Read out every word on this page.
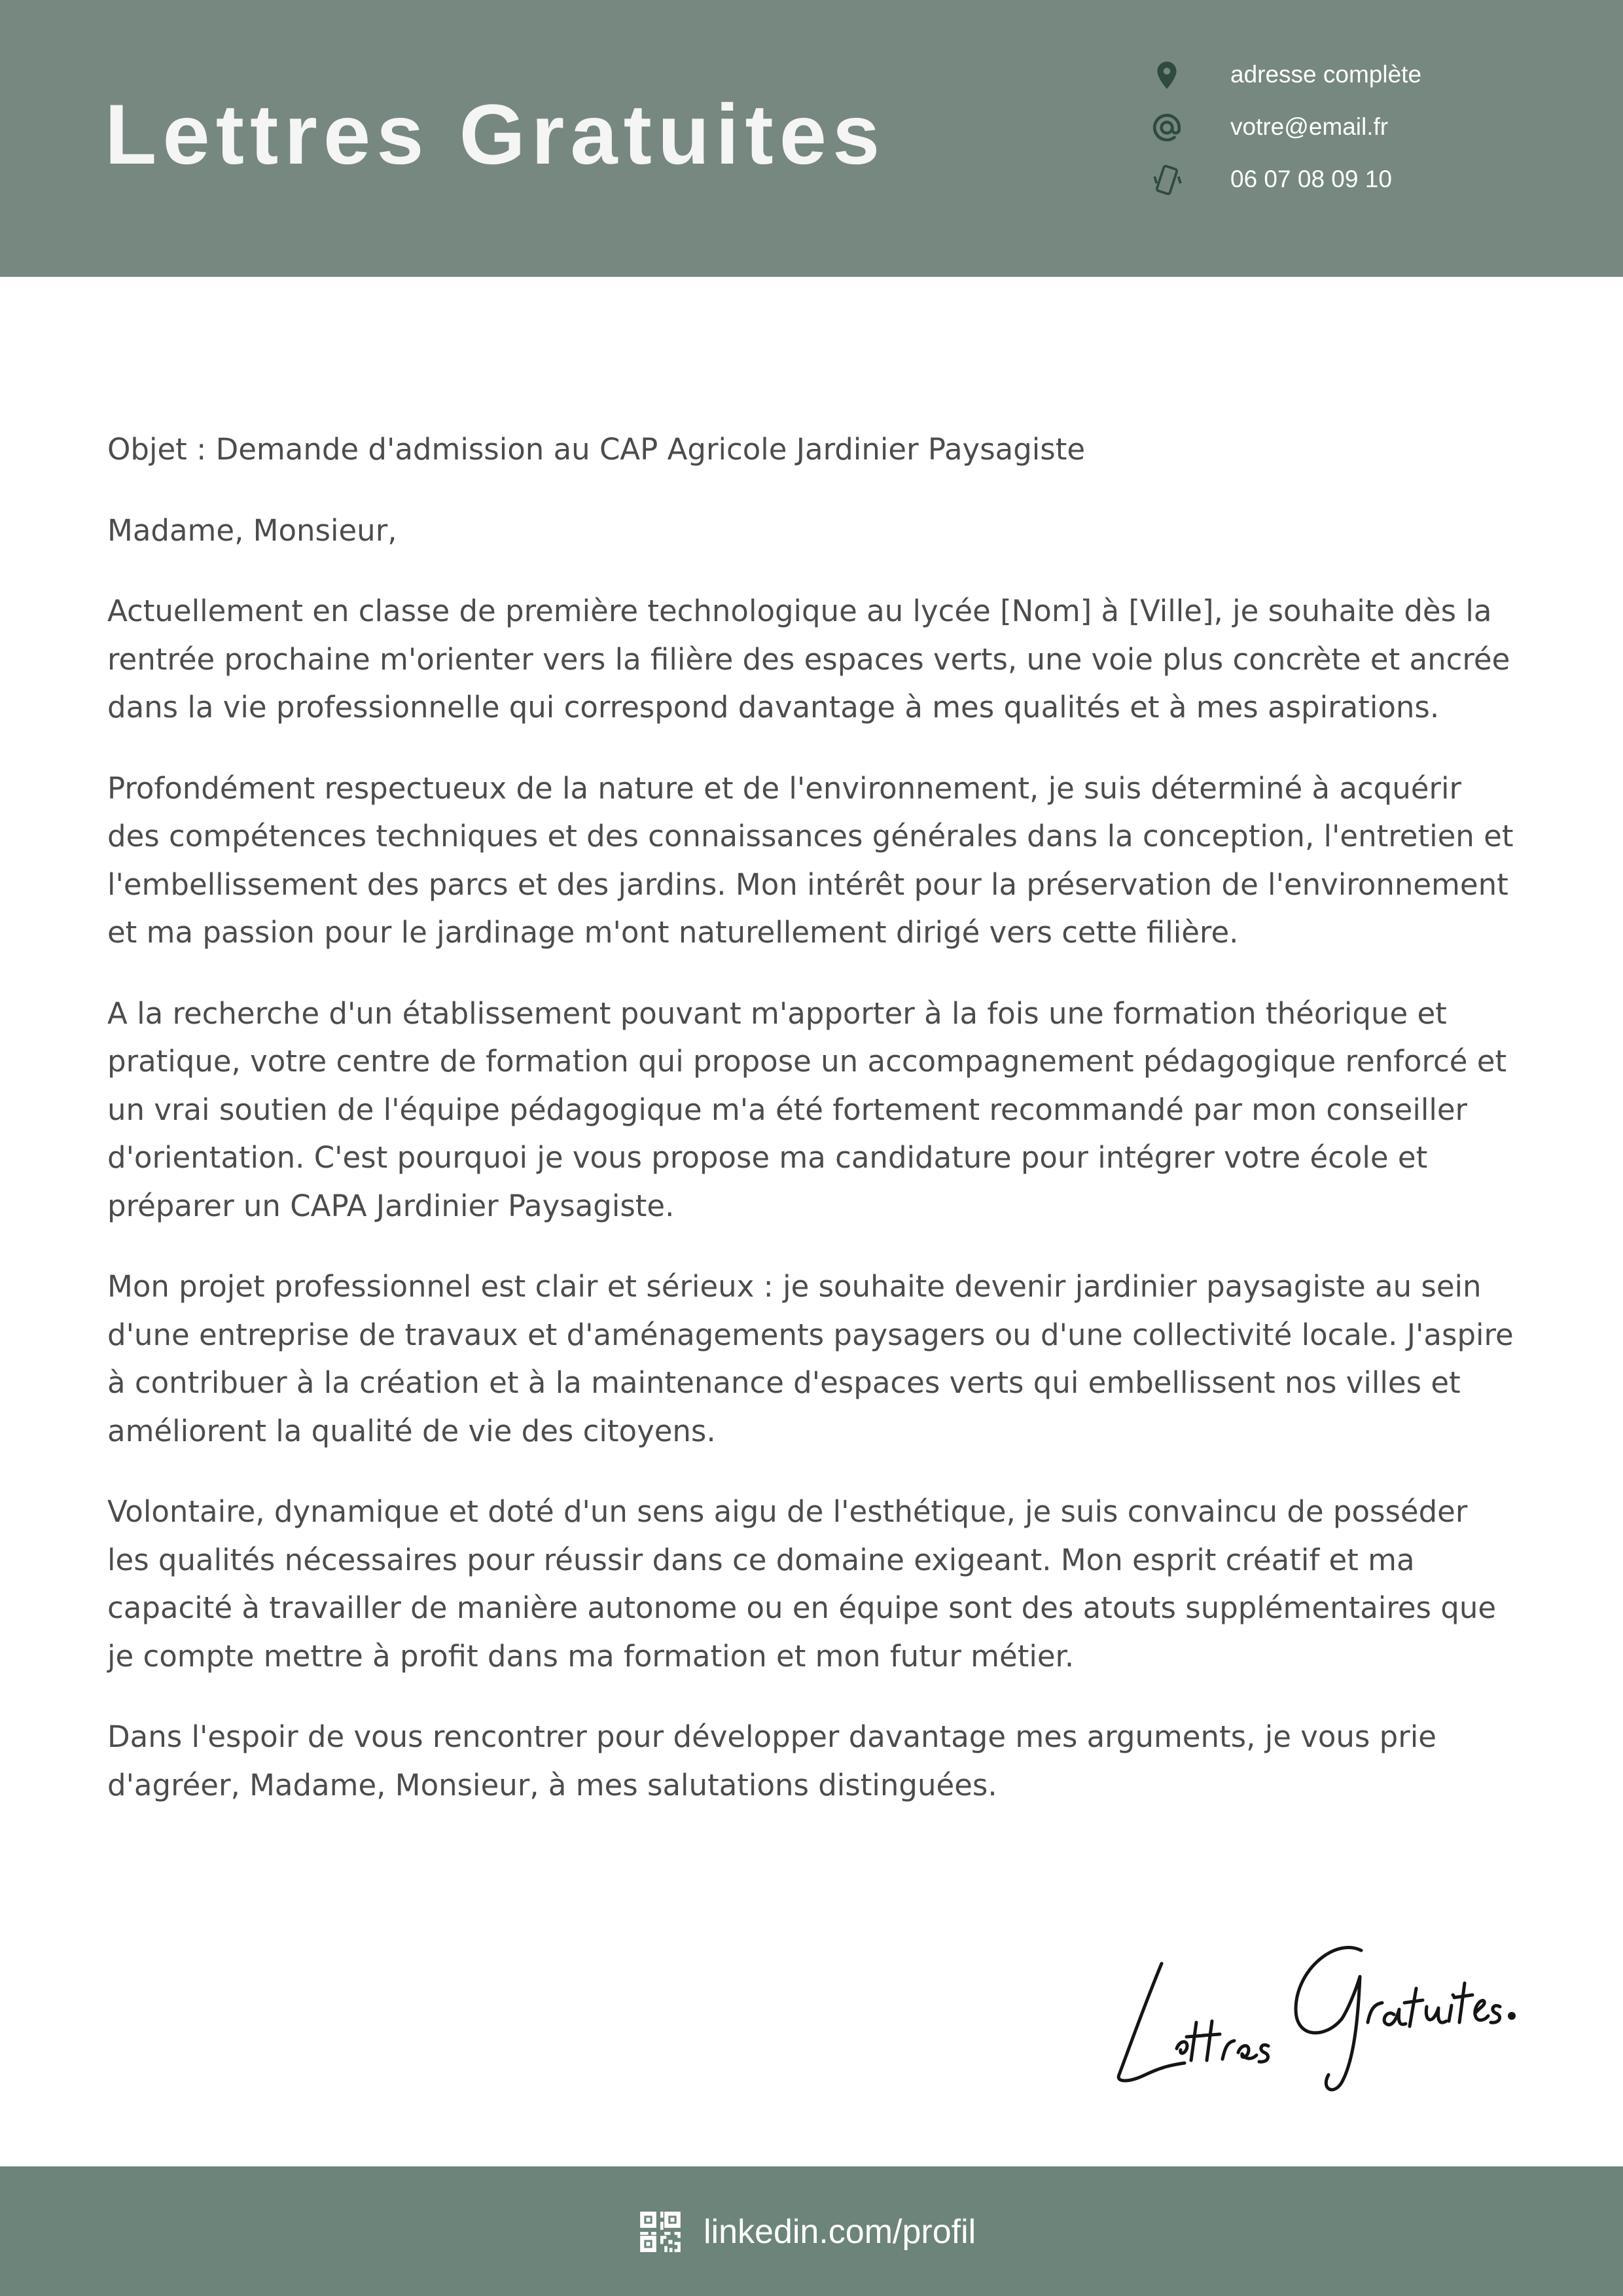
Lettres Gratuites
adresse complète
votre@email.fr
06 07 08 09 10

Objet : Demande d'admission au CAP Agricole Jardinier Paysagiste

Madame, Monsieur,

Actuellement en classe de première technologique au lycée [Nom] à [Ville], je souhaite dès la rentrée prochaine m'orienter vers la filière des espaces verts, une voie plus concrète et ancrée dans la vie professionnelle qui correspond davantage à mes qualités et à mes aspirations.

Profondément respectueux de la nature et de l'environnement, je suis déterminé à acquérir des compétences techniques et des connaissances générales dans la conception, l'entretien et l'embellissement des parcs et des jardins. Mon intérêt pour la préservation de l'environnement et ma passion pour le jardinage m'ont naturellement dirigé vers cette filière.

A la recherche d'un établissement pouvant m'apporter à la fois une formation théorique et pratique, votre centre de formation qui propose un accompagnement pédagogique renforcé et un vrai soutien de l'équipe pédagogique m'a été fortement recommandé par mon conseiller d'orientation. C'est pourquoi je vous propose ma candidature pour intégrer votre école et préparer un CAPA Jardinier Paysagiste.

Mon projet professionnel est clair et sérieux : je souhaite devenir jardinier paysagiste au sein d'une entreprise de travaux et d'aménagements paysagers ou d'une collectivité locale. J'aspire à contribuer à la création et à la maintenance d'espaces verts qui embellissent nos villes et améliorent la qualité de vie des citoyens.

Volontaire, dynamique et doté d'un sens aigu de l'esthétique, je suis convaincu de posséder les qualités nécessaires pour réussir dans ce domaine exigeant. Mon esprit créatif et ma capacité à travailler de manière autonome ou en équipe sont des atouts supplémentaires que je compte mettre à profit dans ma formation et mon futur métier.

Dans l'espoir de vous rencontrer pour développer davantage mes arguments, je vous prie d'agréer, Madame, Monsieur, à mes salutations distinguées.

linkedin.com/profil
